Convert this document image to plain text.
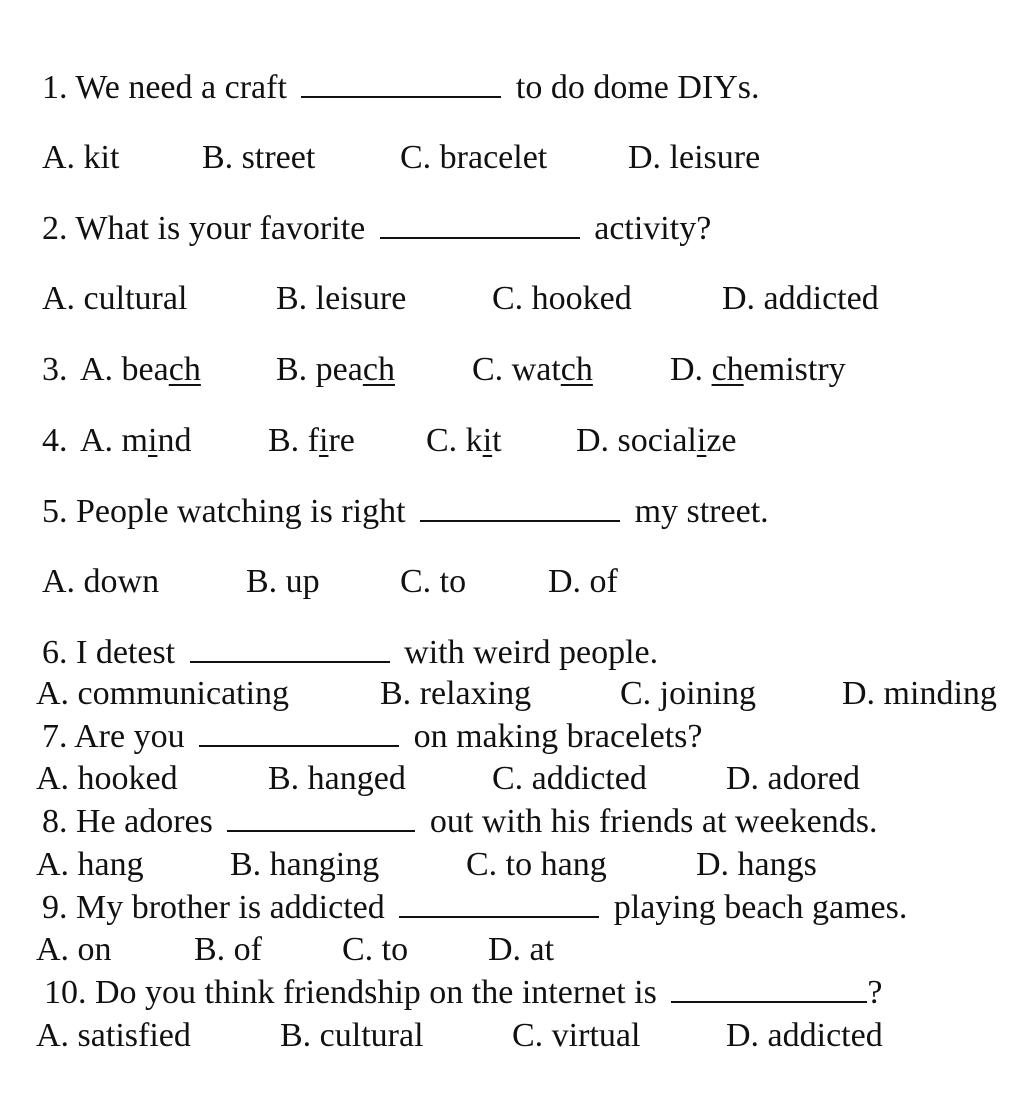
1. We need a craft	to do dome DIYs.
A. kit B. street C. bracelet D. leisure
2. What is your favorite	activity?
A. cultural	B. leisure	C. hooked	D. addicted
3. A. beach B. peach C. watch D. chemistry
4. A. mind B. fire C. kit D. socialize
5. People watching is right	my street.
A. down	B. up C. to D. of
6. I detest	with weird people.
A. communicating	B. relaxing	C. joining	D. minding
7. Are you	on making bracelets?
A. hooked	B. hanged	C. addicted D. adored
8. He adores	out with his friends at weekends.
A. hang	B. hanging	C. to hang	D. hangs
9. My brother is addicted	playing beach games.
A. on B. of C. to D. at
10. Do you think friendship on the internet is	?
A. satisfied	B. cultural	C. virtual	D. addicted
